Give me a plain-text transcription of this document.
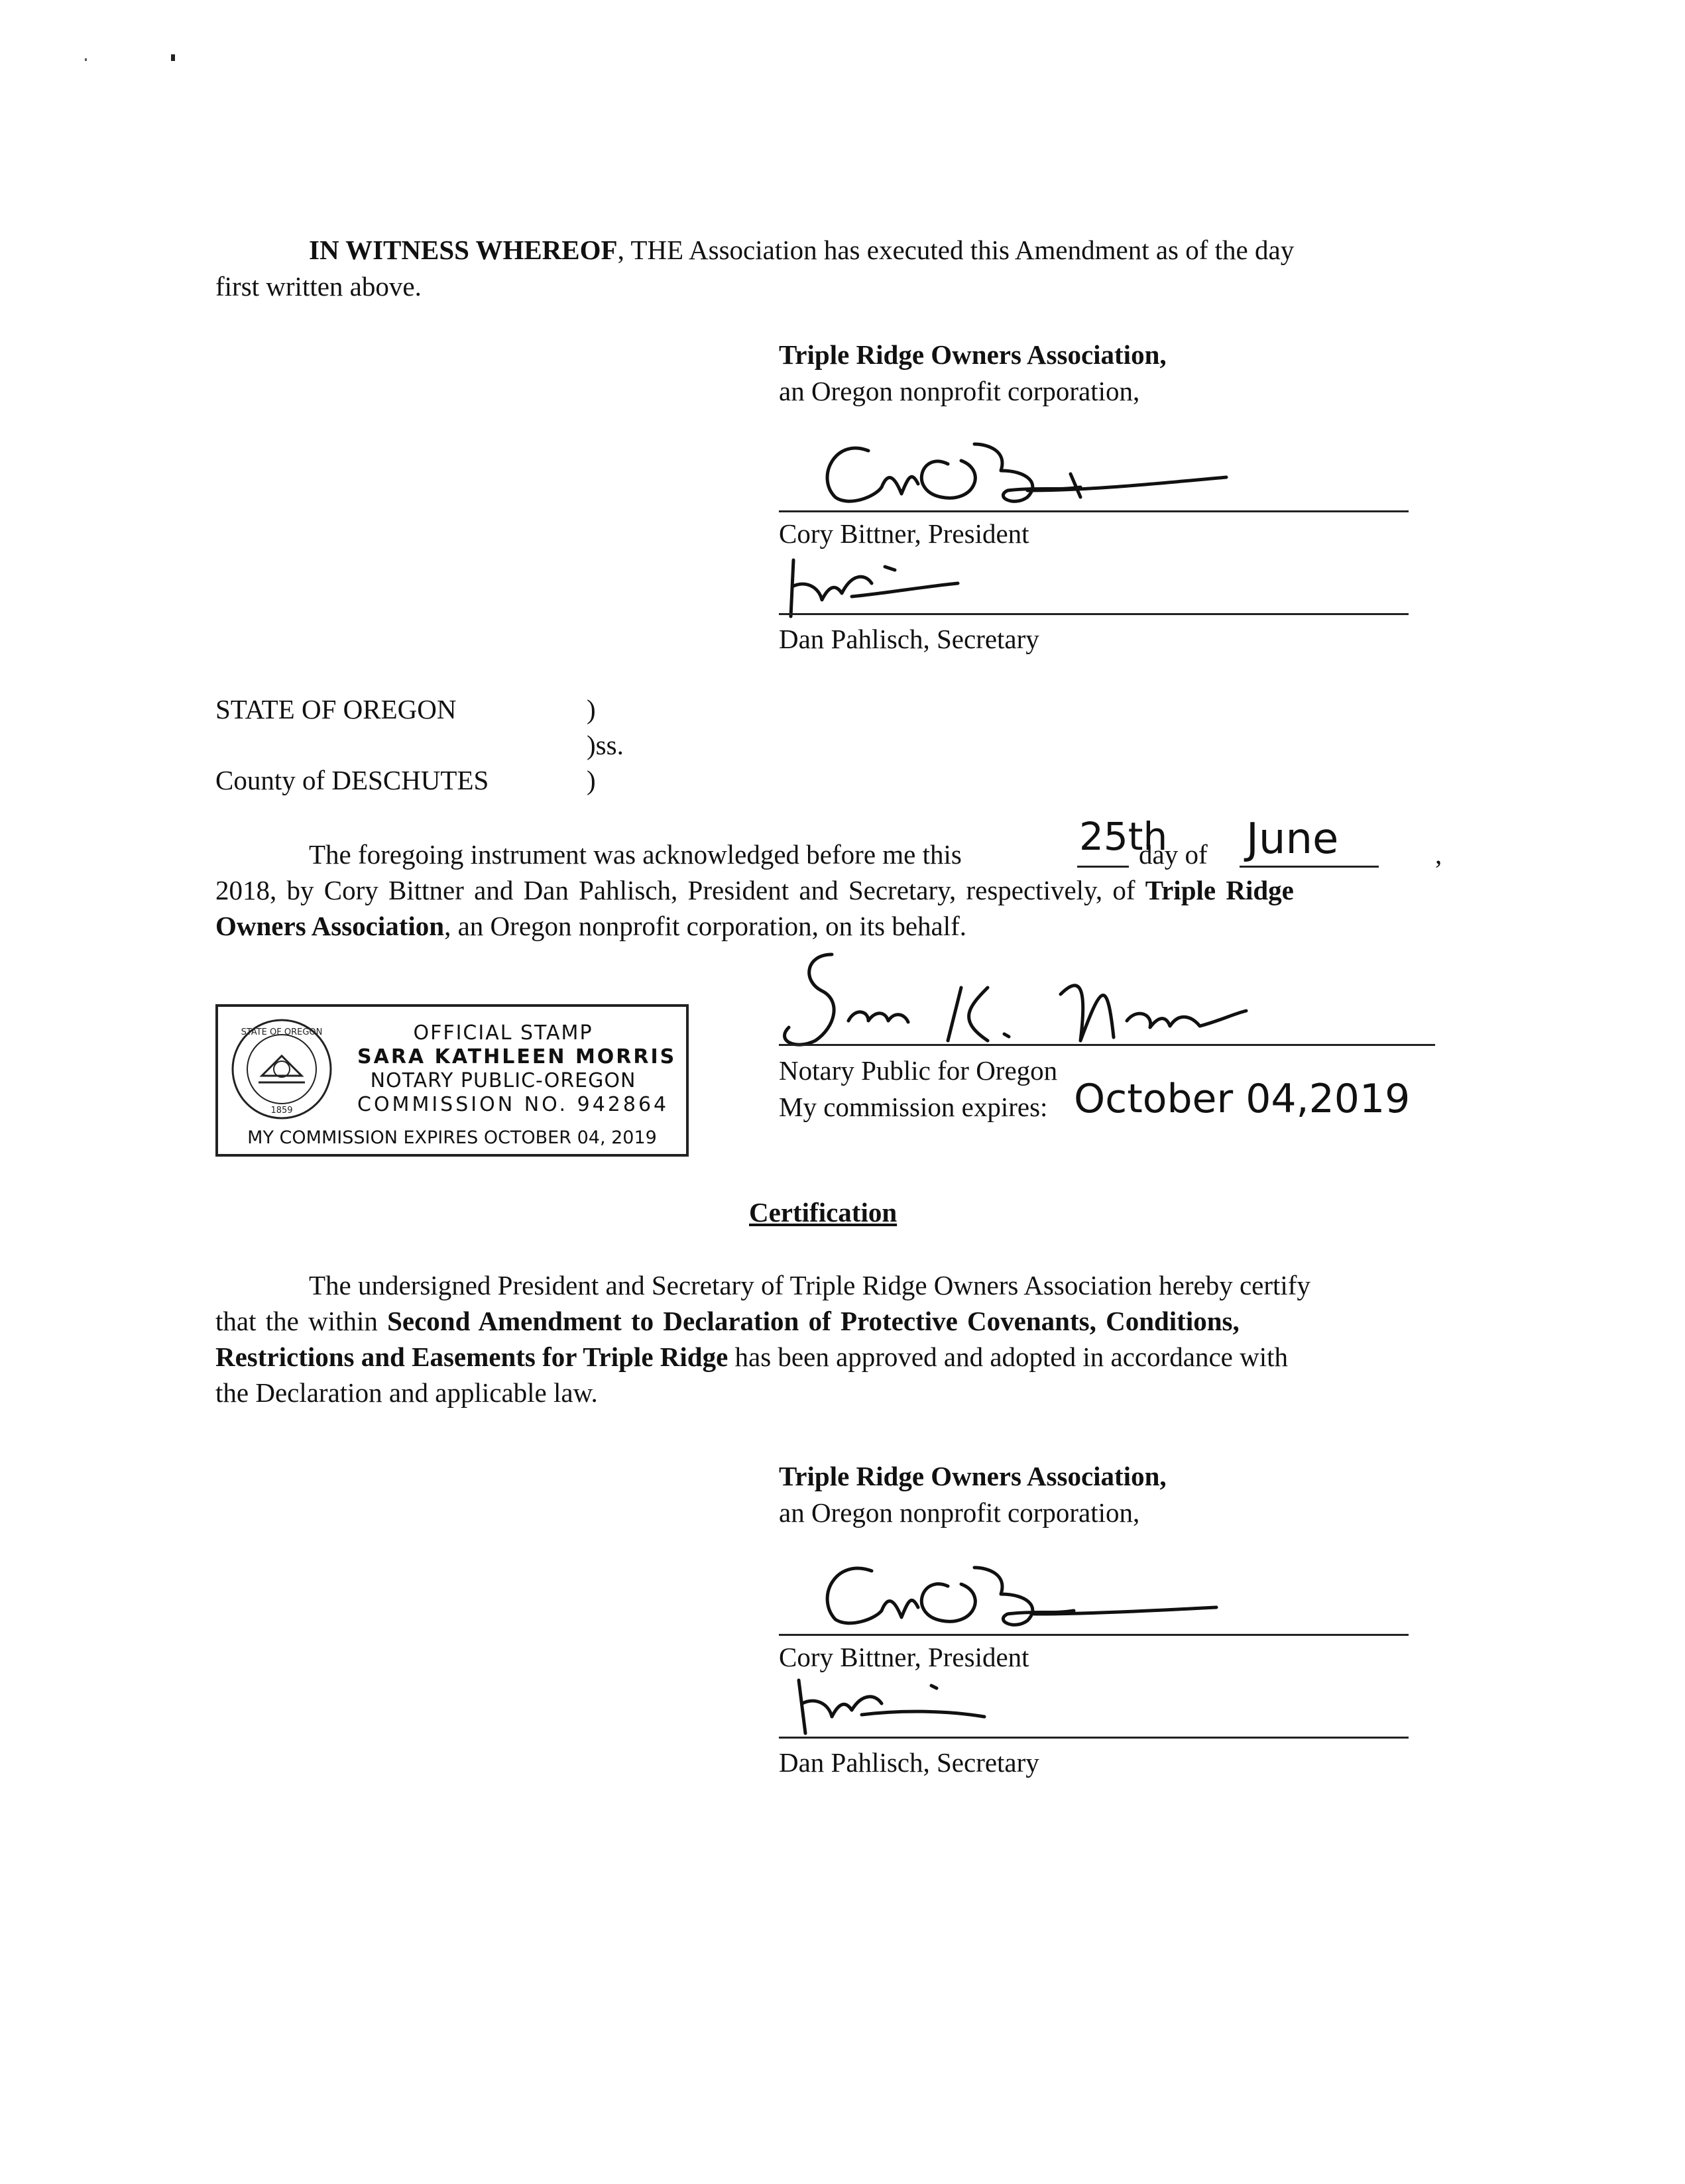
IN WITNESS WHEREOF, THE Association has executed this Amendment as of the day
first written above.
Triple Ridge Owners Association,
an Oregon nonprofit corporation,
Cory Bittner, President
Dan Pahlisch, Secretary
STATE OF OREGON	)
)ss.
County of DESCHUTES	)
The foregoing instrument was acknowledged before me this	25th
day of June	,
2018, by Cory Bittner and Dan Pahlisch, President and Secretary, respectively, of Triple Ridge
Owners Association, an Oregon nonprofit corporation, on its behalf.
STATE OF OREGON
1859
OFFICIAL STAMP
SARA KATHLEEN MORRIS
NOTARY PUBLIC-OREGON
COMMISSION NO. 942864
MY COMMISSION EXPIRES OCTOBER 04, 2019
Notary Public for Oregon
My commission expires: October 04,2019
Certification
The undersigned President and Secretary of Triple Ridge Owners Association hereby certify
that the within Second Amendment to Declaration of Protective Covenants, Conditions,
Restrictions and Easements for Triple Ridge has been approved and adopted in accordance with
the Declaration and applicable law.
Triple Ridge Owners Association,
an Oregon nonprofit corporation,
Cory Bittner, President
Dan Pahlisch, Secretary
